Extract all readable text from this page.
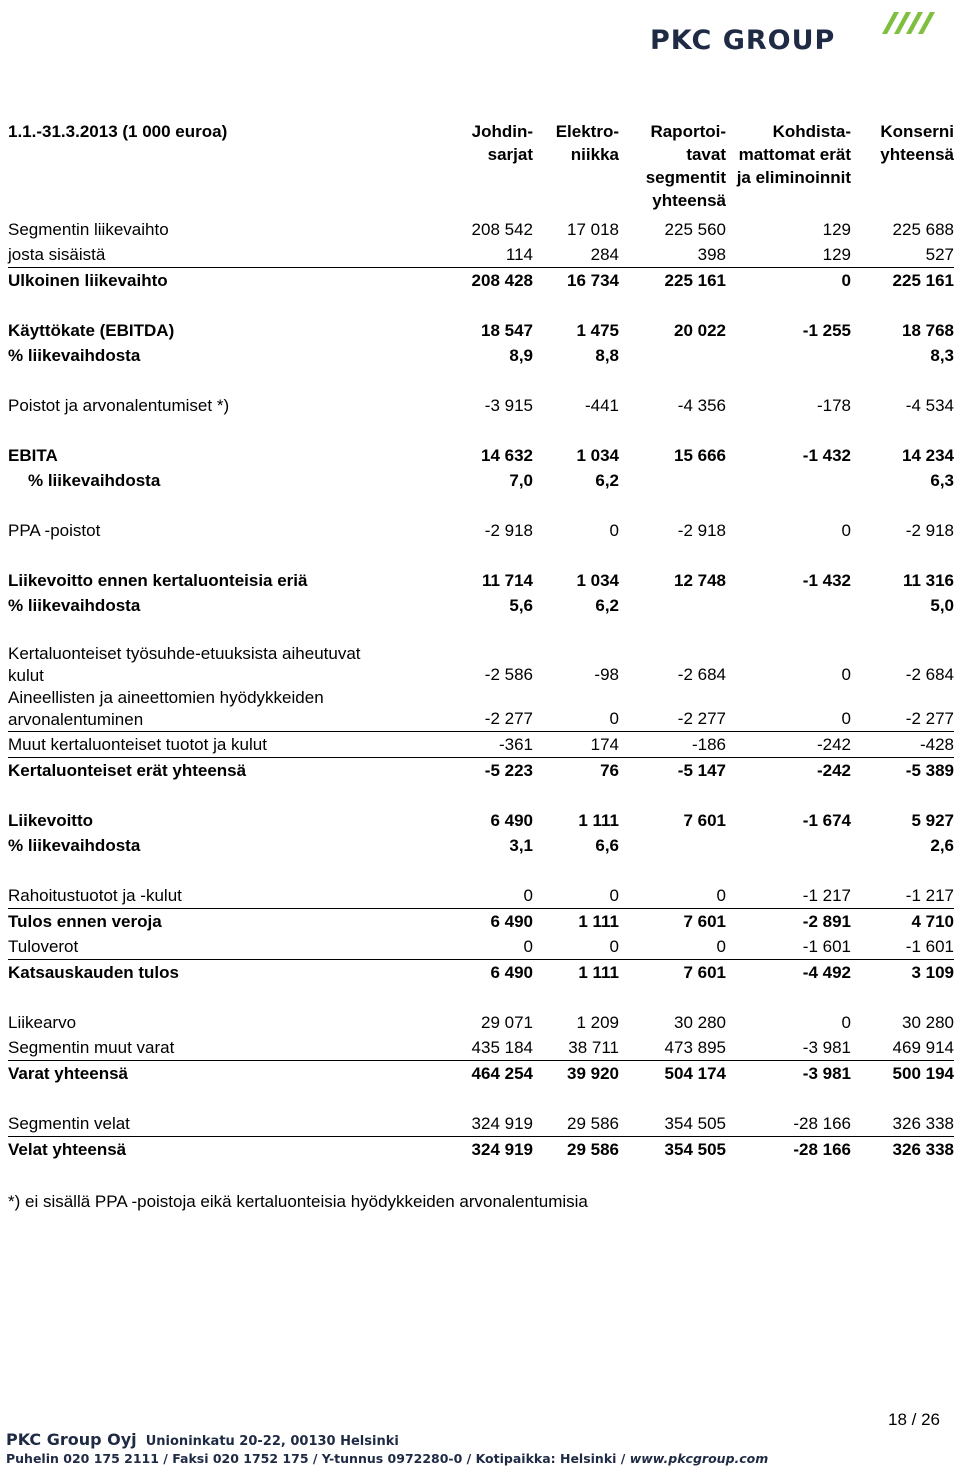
PKC GROUP
1.1.-31.3.2013 (1 000 euroa)	Johdin- sarjat	Elektro- niikka	Raportoi- tavat segmentit yhteensä	Kohdista- mattomat erät ja eliminoinnit	Konserni yhteensä

Segmentin liikevaihto	208 542	17 018	225 560	129	225 688
josta sisäistä	114	284	398	129	527
Ulkoinen liikevaihto	208 428	16 734	225 161	0	225 161

Käyttökate (EBITDA)	18 547	1 475	20 022	-1 255	18 768
% liikevaihdosta	8,9	8,8			8,3

Poistot ja arvonalentumiset *)	-3 915	-441	-4 356	-178	-4 534

EBITA	14 632	1 034	15 666	-1 432	14 234
% liikevaihdosta	7,0	6,2			6,3

PPA -poistot	-2 918	0	-2 918	0	-2 918

Liikevoitto ennen kertaluonteisia eriä	11 714	1 034	12 748	-1 432	11 316
% liikevaihdosta	5,6	6,2			5,0

Kertaluonteiset työsuhde-etuuksista aiheutuvat
kulut	-2 586	-98	-2 684	0	-2 684
Aineellisten ja aineettomien hyödykkeiden
arvonalentuminen	-2 277	0	-2 277	0	-2 277
Muut kertaluonteiset tuotot ja kulut	-361	174	-186	-242	-428
Kertaluonteiset erät yhteensä	-5 223	76	-5 147	-242	-5 389

Liikevoitto	6 490	1 111	7 601	-1 674	5 927
% liikevaihdosta	3,1	6,6			2,6

Rahoitustuotot ja -kulut	0	0	0	-1 217	-1 217
Tulos ennen veroja	6 490	1 111	7 601	-2 891	4 710
Tuloverot	0	0	0	-1 601	-1 601
Katsauskauden tulos	6 490	1 111	7 601	-4 492	3 109

Liikearvo	29 071	1 209	30 280	0	30 280
Segmentin muut varat	435 184	38 711	473 895	-3 981	469 914
Varat yhteensä	464 254	39 920	504 174	-3 981	500 194

Segmentin velat	324 919	29 586	354 505	-28 166	326 338
Velat yhteensä	324 919	29 586	354 505	-28 166	326 338
*) ei sisällä PPA -poistoja eikä kertaluonteisia hyödykkeiden arvonalentumisia
18 / 26
PKC Group Oyj Unioninkatu 20-22, 00130 Helsinki
Puhelin 020 175 2111 / Faksi 020 1752 175 / Y-tunnus 0972280-0 / Kotipaikka: Helsinki / www.pkcgroup.com
